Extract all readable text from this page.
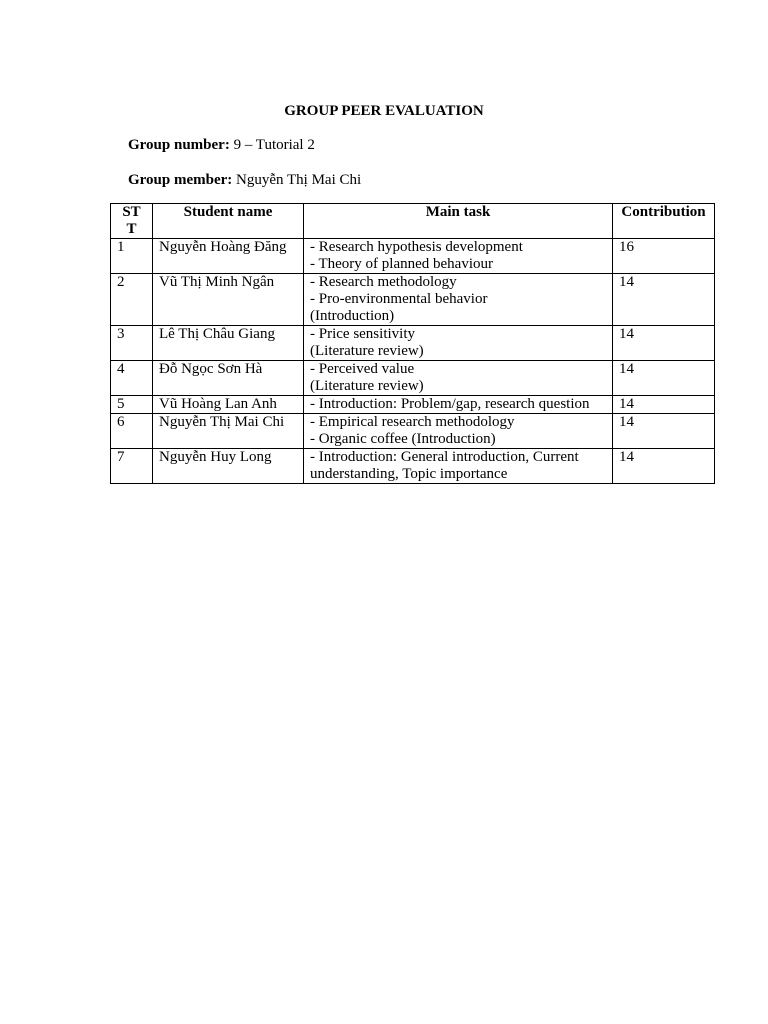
GROUP PEER EVALUATION
Group number: 9 – Tutorial 2
Group member: Nguyễn Thị Mai Chi
ST
T	Student name	Main task	Contribution
1	Nguyễn Hoàng Đăng	- Research hypothesis development
- Theory of planned behaviour	16
2	Vũ Thị Minh Ngân	- Research methodology
- Pro-environmental behavior
(Introduction)	14
3	Lê Thị Châu Giang	- Price sensitivity
(Literature review)	14
4	Đỗ Ngọc Sơn Hà	- Perceived value
(Literature review)	14
5	Vũ Hoàng Lan Anh	- Introduction: Problem/gap, research question	14
6	Nguyễn Thị Mai Chi	- Empirical research methodology
- Organic coffee (Introduction)	14
7	Nguyễn Huy Long	- Introduction: General introduction, Current understanding, Topic importance	14
